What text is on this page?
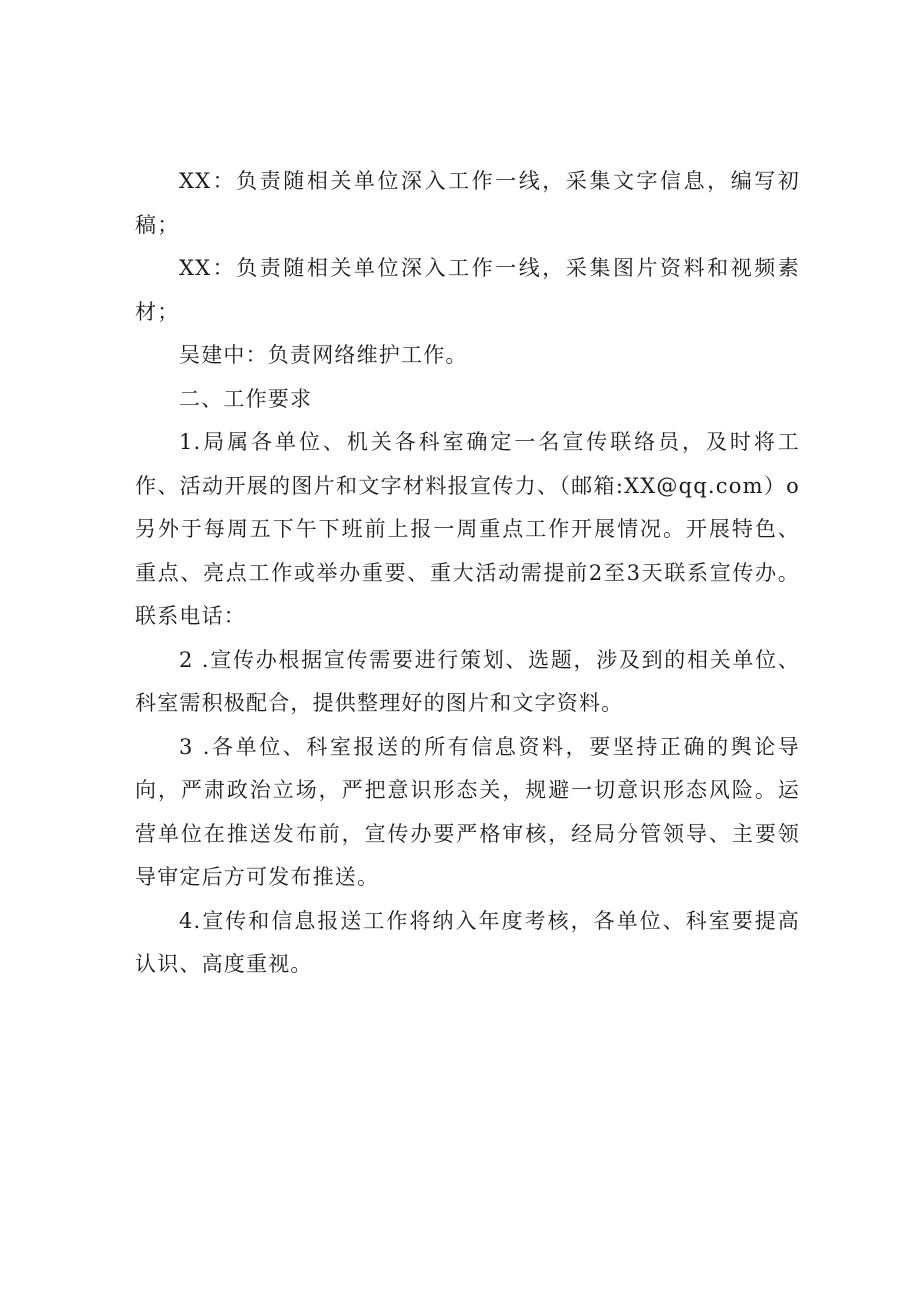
XX：负责随相关单位深入工作一线，采集文字信息，编写初稿；

XX：负责随相关单位深入工作一线，采集图片资料和视频素材；

吴建中：负责网络维护工作。

二、工作要求

1.局属各单位、机关各科室确定一名宣传联络员，及时将工作、活动开展的图片和文字材料报宣传力、（邮箱:XX@qq.com）o另外于每周五下午下班前上报一周重点工作开展情况。开展特色、重点、亮点工作或举办重要、重大活动需提前2至3天联系宣传办。联系电话：

2 .宣传办根据宣传需要进行策划、选题，涉及到的相关单位、科室需积极配合，提供整理好的图片和文字资料。

3 .各单位、科室报送的所有信息资料，要坚持正确的舆论导向，严肃政治立场，严把意识形态关，规避一切意识形态风险。运营单位在推送发布前，宣传办要严格审核，经局分管领导、主要领导审定后方可发布推送。

4.宣传和信息报送工作将纳入年度考核，各单位、科室要提高认识、高度重视。
